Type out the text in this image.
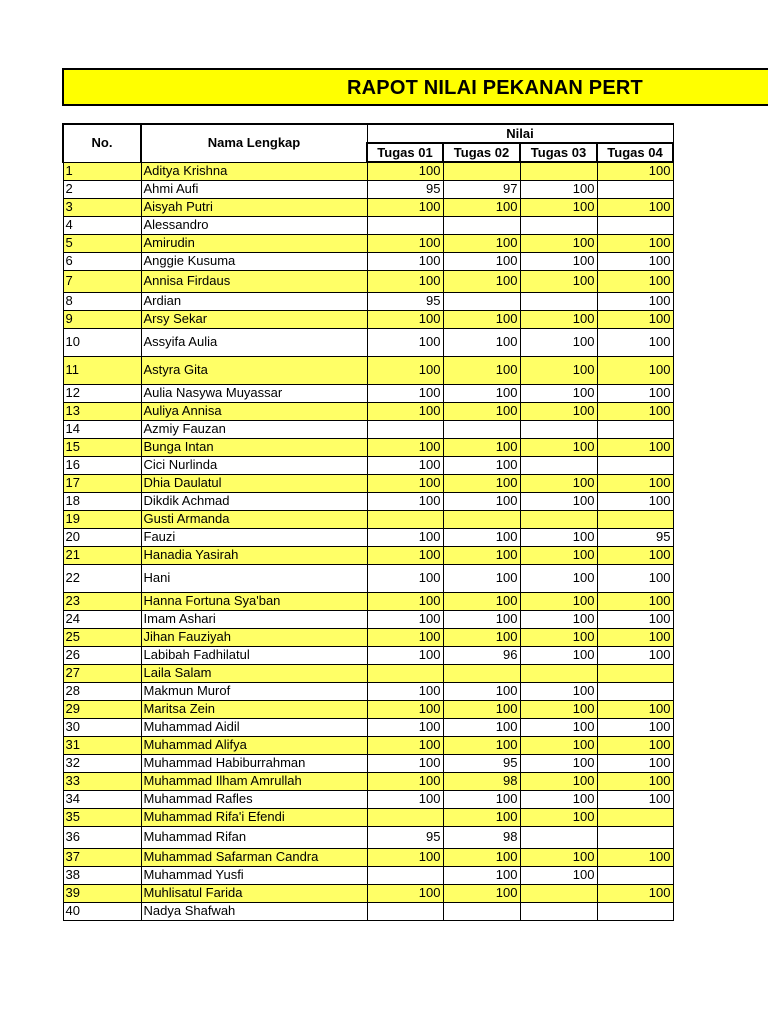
RAPOT NILAI PEKANAN PERT
No.	Nama Lengkap	Nilai			
		Tugas 01	Tugas 02	Tugas 03	Tugas 04
1	Aditya Krishna	100			100
2	Ahmi Aufi	95	97	100	
3	Aisyah Putri	100	100	100	100
4	Alessandro				
5	Amirudin	100	100	100	100
6	Anggie Kusuma	100	100	100	100
7	Annisa Firdaus	100	100	100	100
8	Ardian	95			100
9	Arsy Sekar	100	100	100	100
10	Assyifa Aulia	100	100	100	100
11	Astyra Gita	100	100	100	100
12	Aulia Nasywa Muyassar	100	100	100	100
13	Auliya Annisa	100	100	100	100
14	Azmiy Fauzan				
15	Bunga Intan	100	100	100	100
16	Cici Nurlinda	100	100		
17	Dhia Daulatul	100	100	100	100
18	Dikdik Achmad	100	100	100	100
19	Gusti Armanda				
20	Fauzi	100	100	100	95
21	Hanadia Yasirah	100	100	100	100
22	Hani	100	100	100	100
23	Hanna Fortuna Sya'ban	100	100	100	100
24	Imam Ashari	100	100	100	100
25	Jihan Fauziyah	100	100	100	100
26	Labibah Fadhilatul	100	96	100	100
27	Laila Salam				
28	Makmun Murof	100	100	100	
29	Maritsa Zein	100	100	100	100
30	Muhammad Aidil	100	100	100	100
31	Muhammad Alifya	100	100	100	100
32	Muhammad Habiburrahman	100	95	100	100
33	Muhammad Ilham Amrullah	100	98	100	100
34	Muhammad Rafles	100	100	100	100
35	Muhammad Rifa'i Efendi		100	100	
36	Muhammad Rifan	95	98		
37	Muhammad Safarman Candra	100	100	100	100
38	Muhammad Yusfi		100	100	
39	Muhlisatul Farida	100	100		100
40	Nadya Shafwah				
